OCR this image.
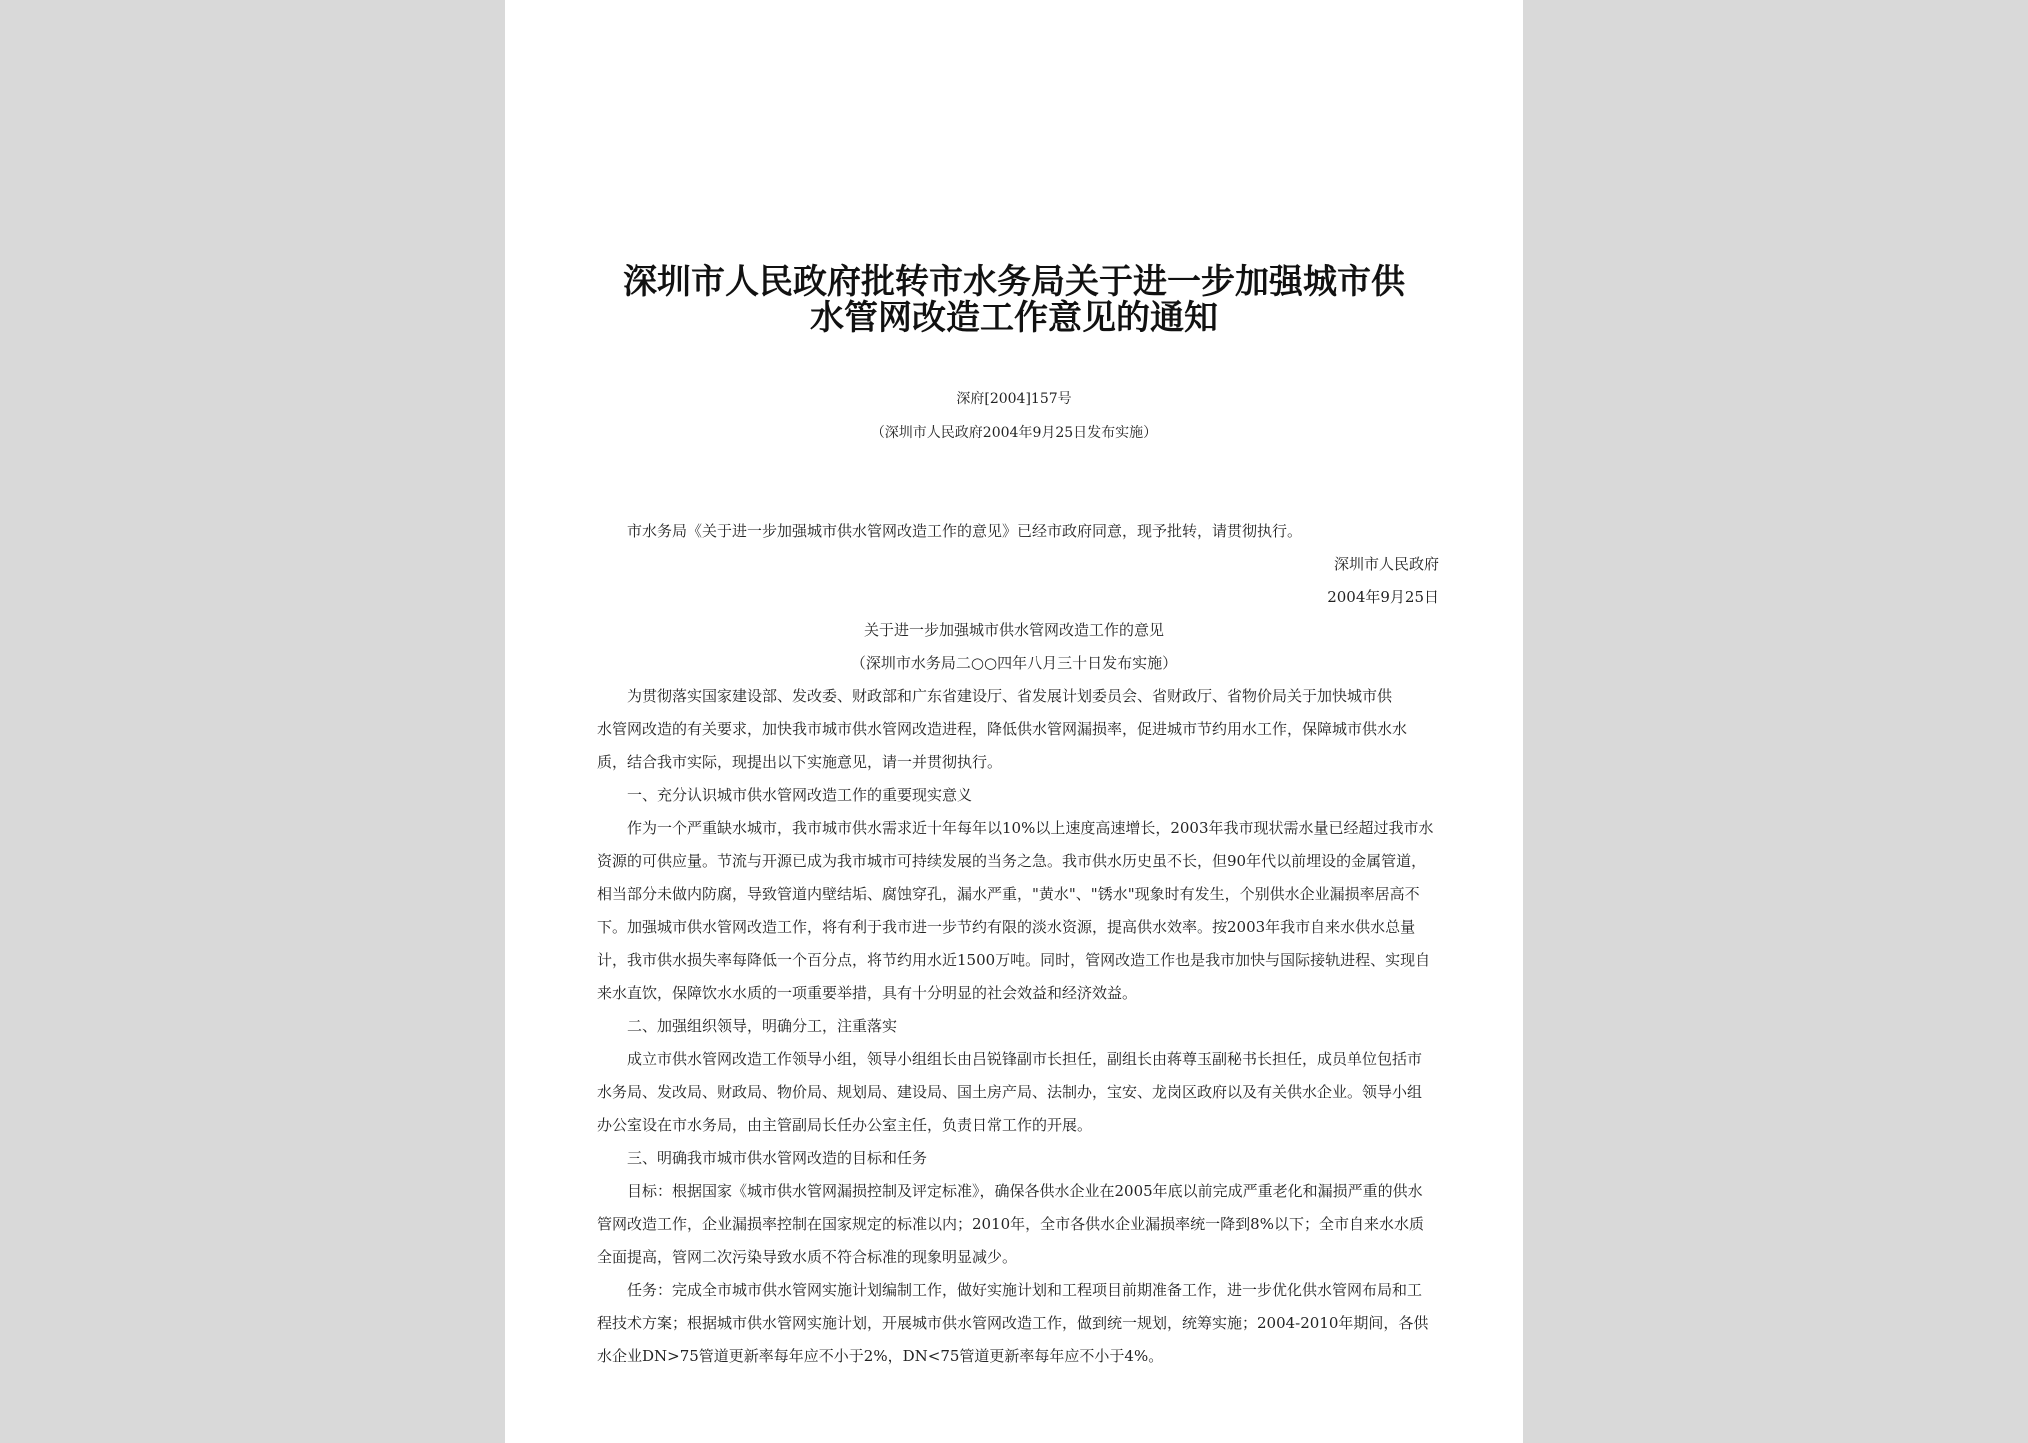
深圳市人民政府批转市水务局关于进一步加强城市供
水管网改造工作意见的通知
深府[2004]157号
（深圳市人民政府2004年9月25日发布实施）
市水务局《关于进一步加强城市供水管网改造工作的意见》已经市政府同意，现予批转，请贯彻执行。
深圳市人民政府
2004年9月25日
关于进一步加强城市供水管网改造工作的意见
（深圳市水务局二○○四年八月三十日发布实施）
为贯彻落实国家建设部、发改委、财政部和广东省建设厅、省发展计划委员会、省财政厅、省物价局关于加快城市供
水管网改造的有关要求，加快我市城市供水管网改造进程，降低供水管网漏损率，促进城市节约用水工作，保障城市供水水
质，结合我市实际，现提出以下实施意见，请一并贯彻执行。
一、充分认识城市供水管网改造工作的重要现实意义
作为一个严重缺水城市，我市城市供水需求近十年每年以10%以上速度高速增长，2003年我市现状需水量已经超过我市水
资源的可供应量。节流与开源已成为我市城市可持续发展的当务之急。我市供水历史虽不长，但90年代以前埋设的金属管道，
相当部分未做内防腐，导致管道内壁结垢、腐蚀穿孔，漏水严重，"黄水"、"锈水"现象时有发生，个别供水企业漏损率居高不
下。加强城市供水管网改造工作，将有利于我市进一步节约有限的淡水资源，提高供水效率。按2003年我市自来水供水总量
计，我市供水损失率每降低一个百分点，将节约用水近1500万吨。同时，管网改造工作也是我市加快与国际接轨进程、实现自
来水直饮，保障饮水水质的一项重要举措，具有十分明显的社会效益和经济效益。
二、加强组织领导，明确分工，注重落实
成立市供水管网改造工作领导小组，领导小组组长由吕锐锋副市长担任，副组长由蒋尊玉副秘书长担任，成员单位包括市
水务局、发改局、财政局、物价局、规划局、建设局、国土房产局、法制办，宝安、龙岗区政府以及有关供水企业。领导小组
办公室设在市水务局，由主管副局长任办公室主任，负责日常工作的开展。
三、明确我市城市供水管网改造的目标和任务
目标：根据国家《城市供水管网漏损控制及评定标准》，确保各供水企业在2005年底以前完成严重老化和漏损严重的供水
管网改造工作，企业漏损率控制在国家规定的标准以内；2010年，全市各供水企业漏损率统一降到8%以下；全市自来水水质
全面提高，管网二次污染导致水质不符合标准的现象明显减少。
任务：完成全市城市供水管网实施计划编制工作，做好实施计划和工程项目前期准备工作，进一步优化供水管网布局和工
程技术方案；根据城市供水管网实施计划，开展城市供水管网改造工作，做到统一规划，统筹实施；2004-2010年期间，各供
水企业DN>75管道更新率每年应不小于2%，DN<75管道更新率每年应不小于4%。
